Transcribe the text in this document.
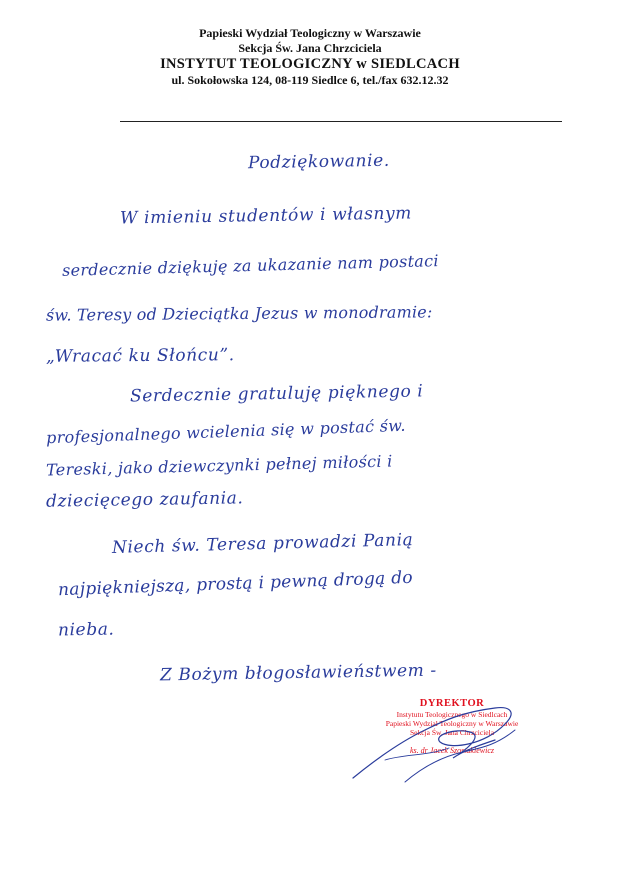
Papieski Wydział Teologiczny w Warszawie
Sekcja Św. Jana Chrzciciela
INSTYTUT TEOLOGICZNY w SIEDLCACH
ul. Sokołowska 124, 08-119 Siedlce 6, tel./fax 632.12.32
Podziękowanie.
W imieniu studentów i własnym
serdecznie dziękuję za ukazanie nam postaci
św. Teresy od Dzieciątka Jezus w monodramie:
„Wracać ku Słońcu”.
Serdecznie gratuluję pięknego i
profesjonalnego wcielenia się w postać św.
Tereski, jako dziewczynki pełnej miłości i
dziecięcego zaufania.
Niech św. Teresa prowadzi Panią
najpiękniejszą, prostą i pewną drogą do
nieba.
Z Bożym błogosławieństwem -
DYREKTOR
Instytutu Teologicznego w Siedlcach
Papieski Wydział Teologiczny w Warszawie
Sekcja Św. Jana Chrzciciela
ks. dr Jacek Szostakiewicz
